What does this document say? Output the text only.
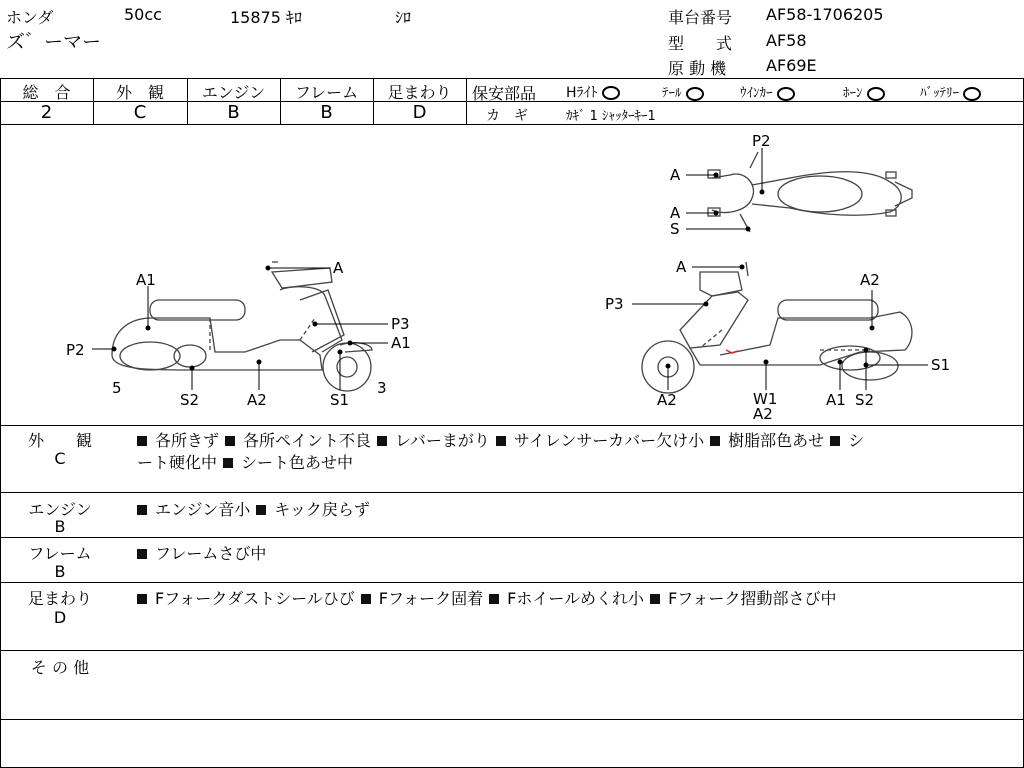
ホンダ	50cc	15875 ｷﾛ	ｼﾛ
ズ゛ーマー
車台番号 AF58-1706205
型　　式 AF58
原 動 機 AF69E
総　合
2
外　観
C
エンジン
B
フレーム
B
足まわり
D
保安部品 Hﾗｲﾄ	ﾃｰﾙ	ｳｲﾝｶｰ	ﾎｰﾝ	ﾊﾞｯﾃﾘｰ
カ　ギ	ｶｷﾞ 1 ｼｬｯﾀｰｷｰ1
A1
A
P2
P3
A1
5
S2	A2	S1
3
P2
A
A
S
A
A2
P3
S1
A2	W1
A2
A1 S2
外　　観
C
各所きず 各所ペイント不良 レバーまがり サイレンサーカバー欠け小 樹脂部色あせ シ
ート硬化中 シート色あせ中
エンジン
B
エンジン音小 キック戻らず
フレーム
B
フレームさび中
足まわり
D
Fフォークダストシールひび Fフォーク固着 Fホイールめくれ小 Fフォーク摺動部さび中
そ の 他
